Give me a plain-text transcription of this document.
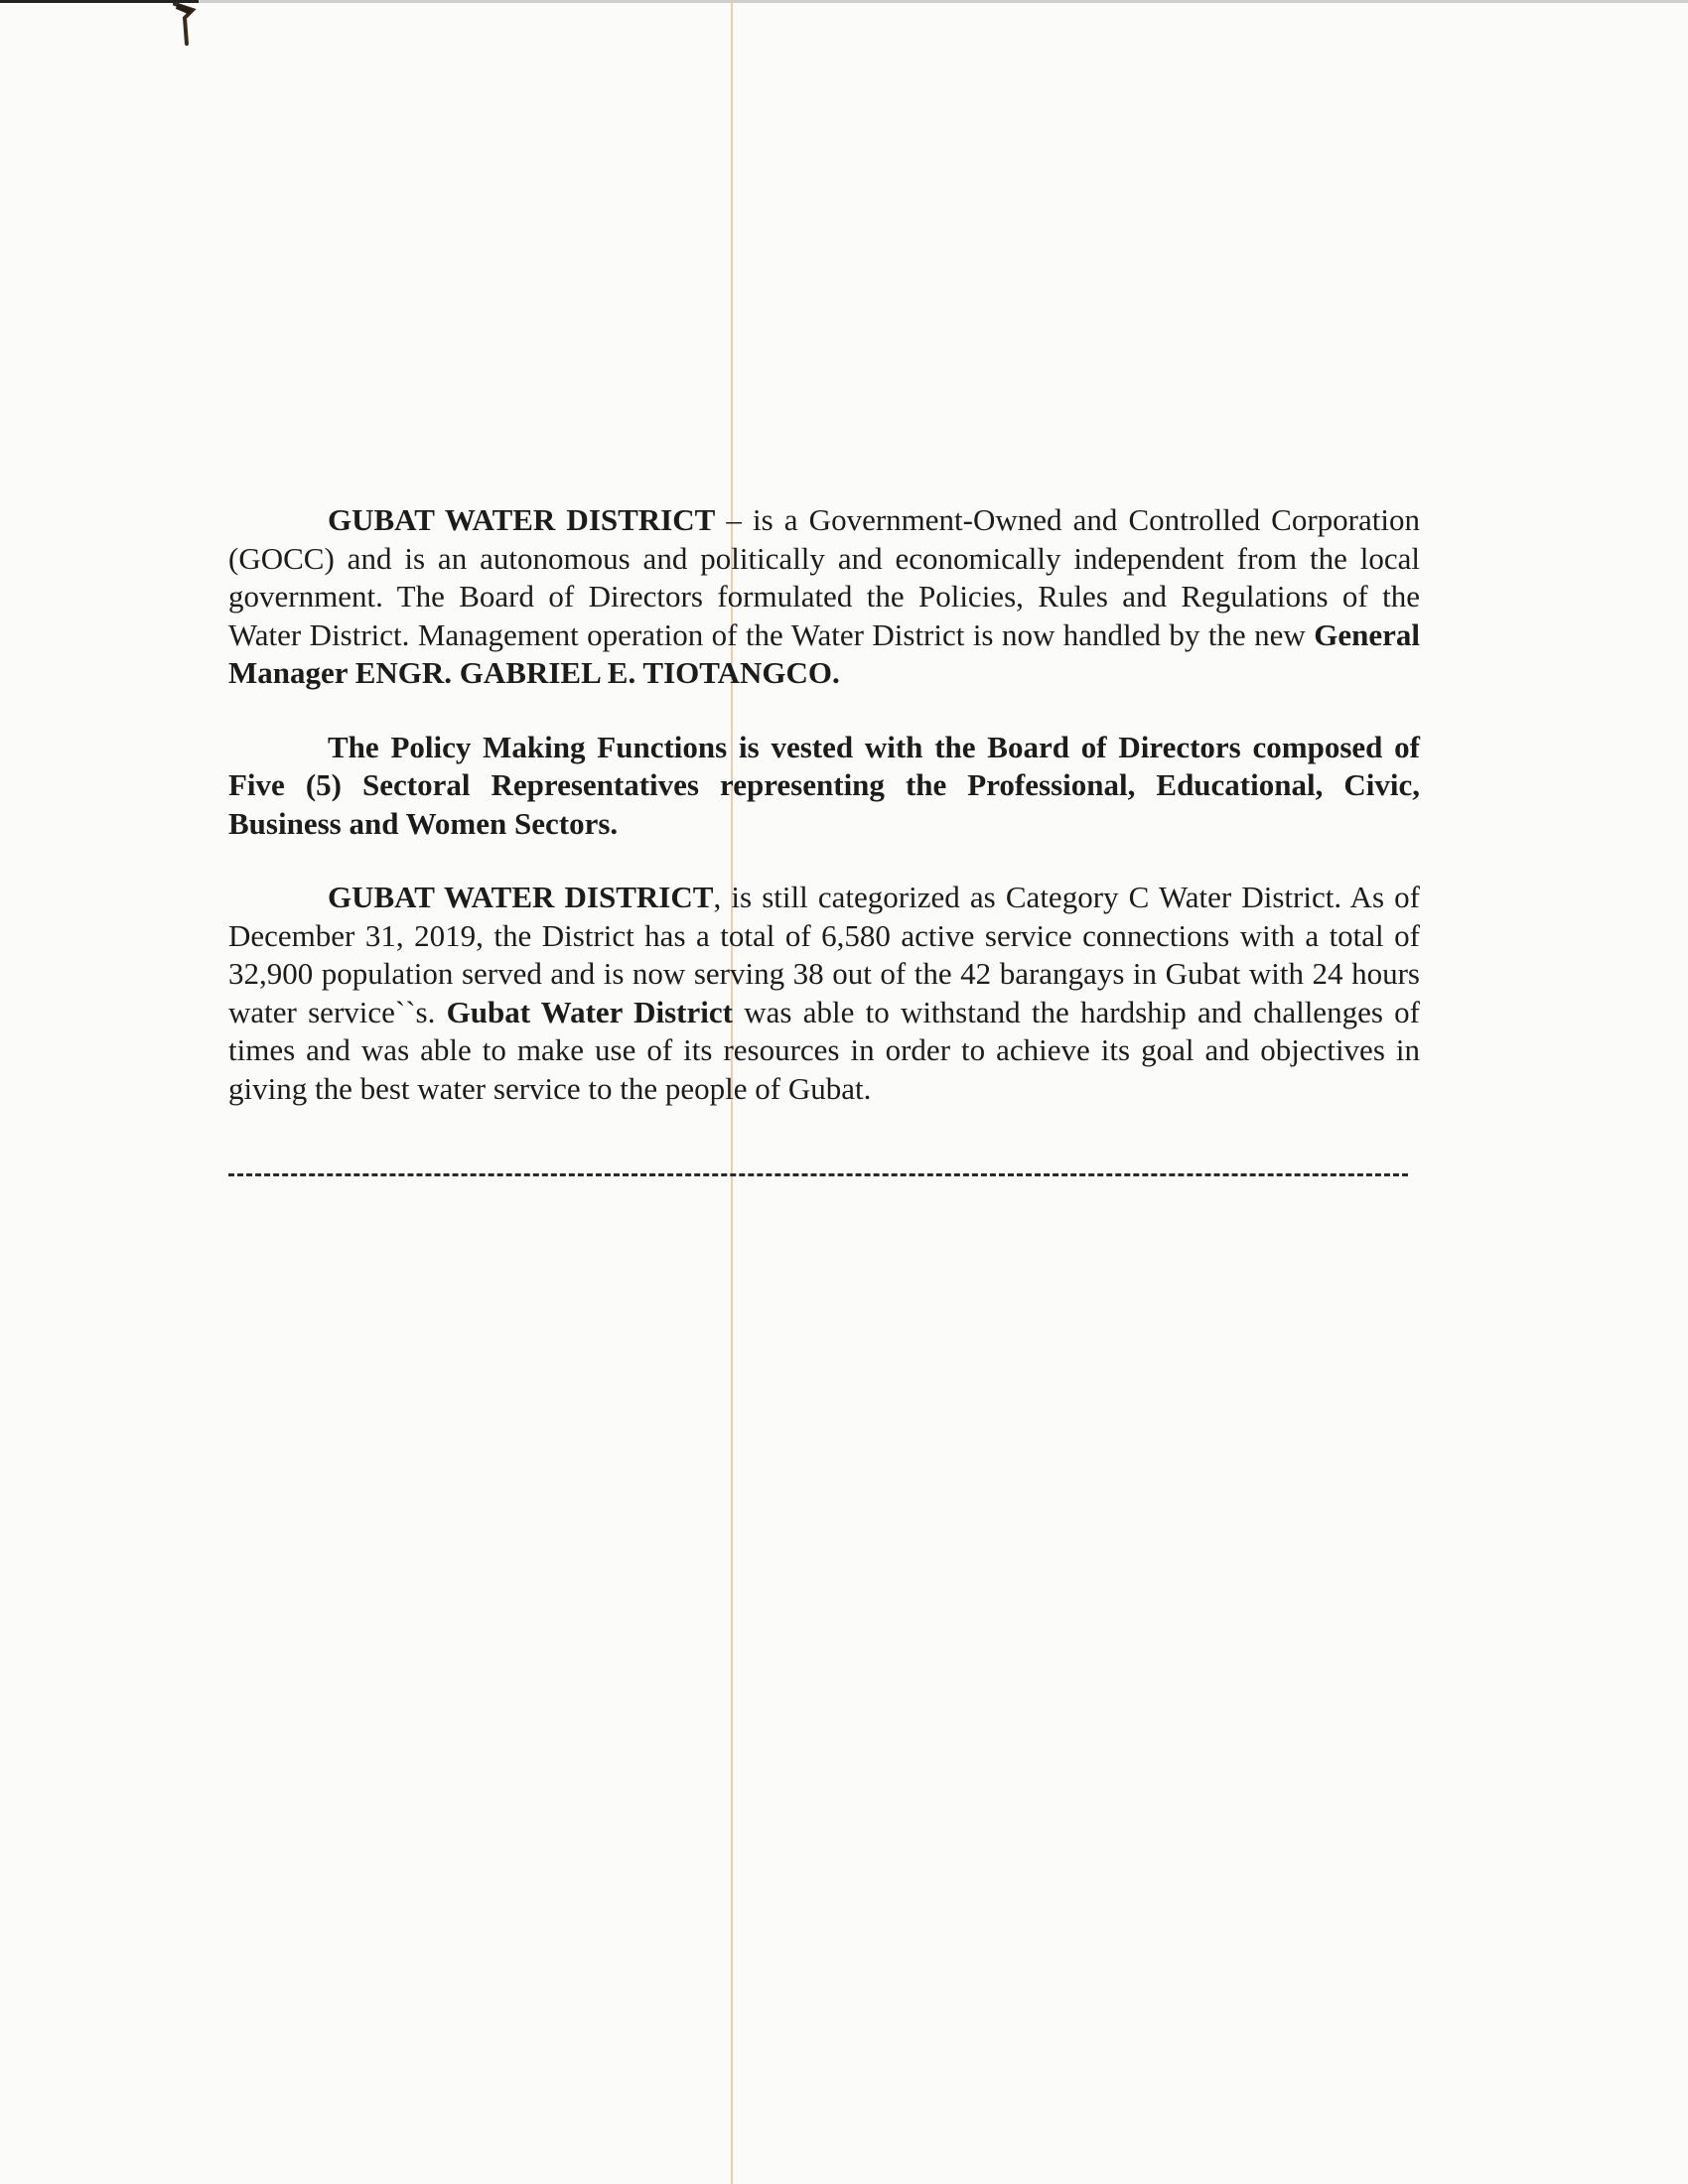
GUBAT WATER DISTRICT – is a Government-Owned and Controlled Corporation (GOCC) and is an autonomous and politically and economically independent from the local government. The Board of Directors formulated the Policies, Rules and Regulations of the Water District. Management operation of the Water District is now handled by the new General Manager ENGR. GABRIEL E. TIOTANGCO.

The Policy Making Functions is vested with the Board of Directors composed of Five (5) Sectoral Representatives representing the Professional, Educational, Civic, Business and Women Sectors.

GUBAT WATER DISTRICT, is still categorized as Category C Water District. As of December 31, 2019, the District has a total of 6,580 active service connections with a total of 32,900 population served and is now serving 38 out of the 42 barangays in Gubat with 24 hours water service``s. Gubat Water District was able to withstand the hardship and challenges of times and was able to make use of its resources in order to achieve its goal and objectives in giving the best water service to the people of Gubat.
